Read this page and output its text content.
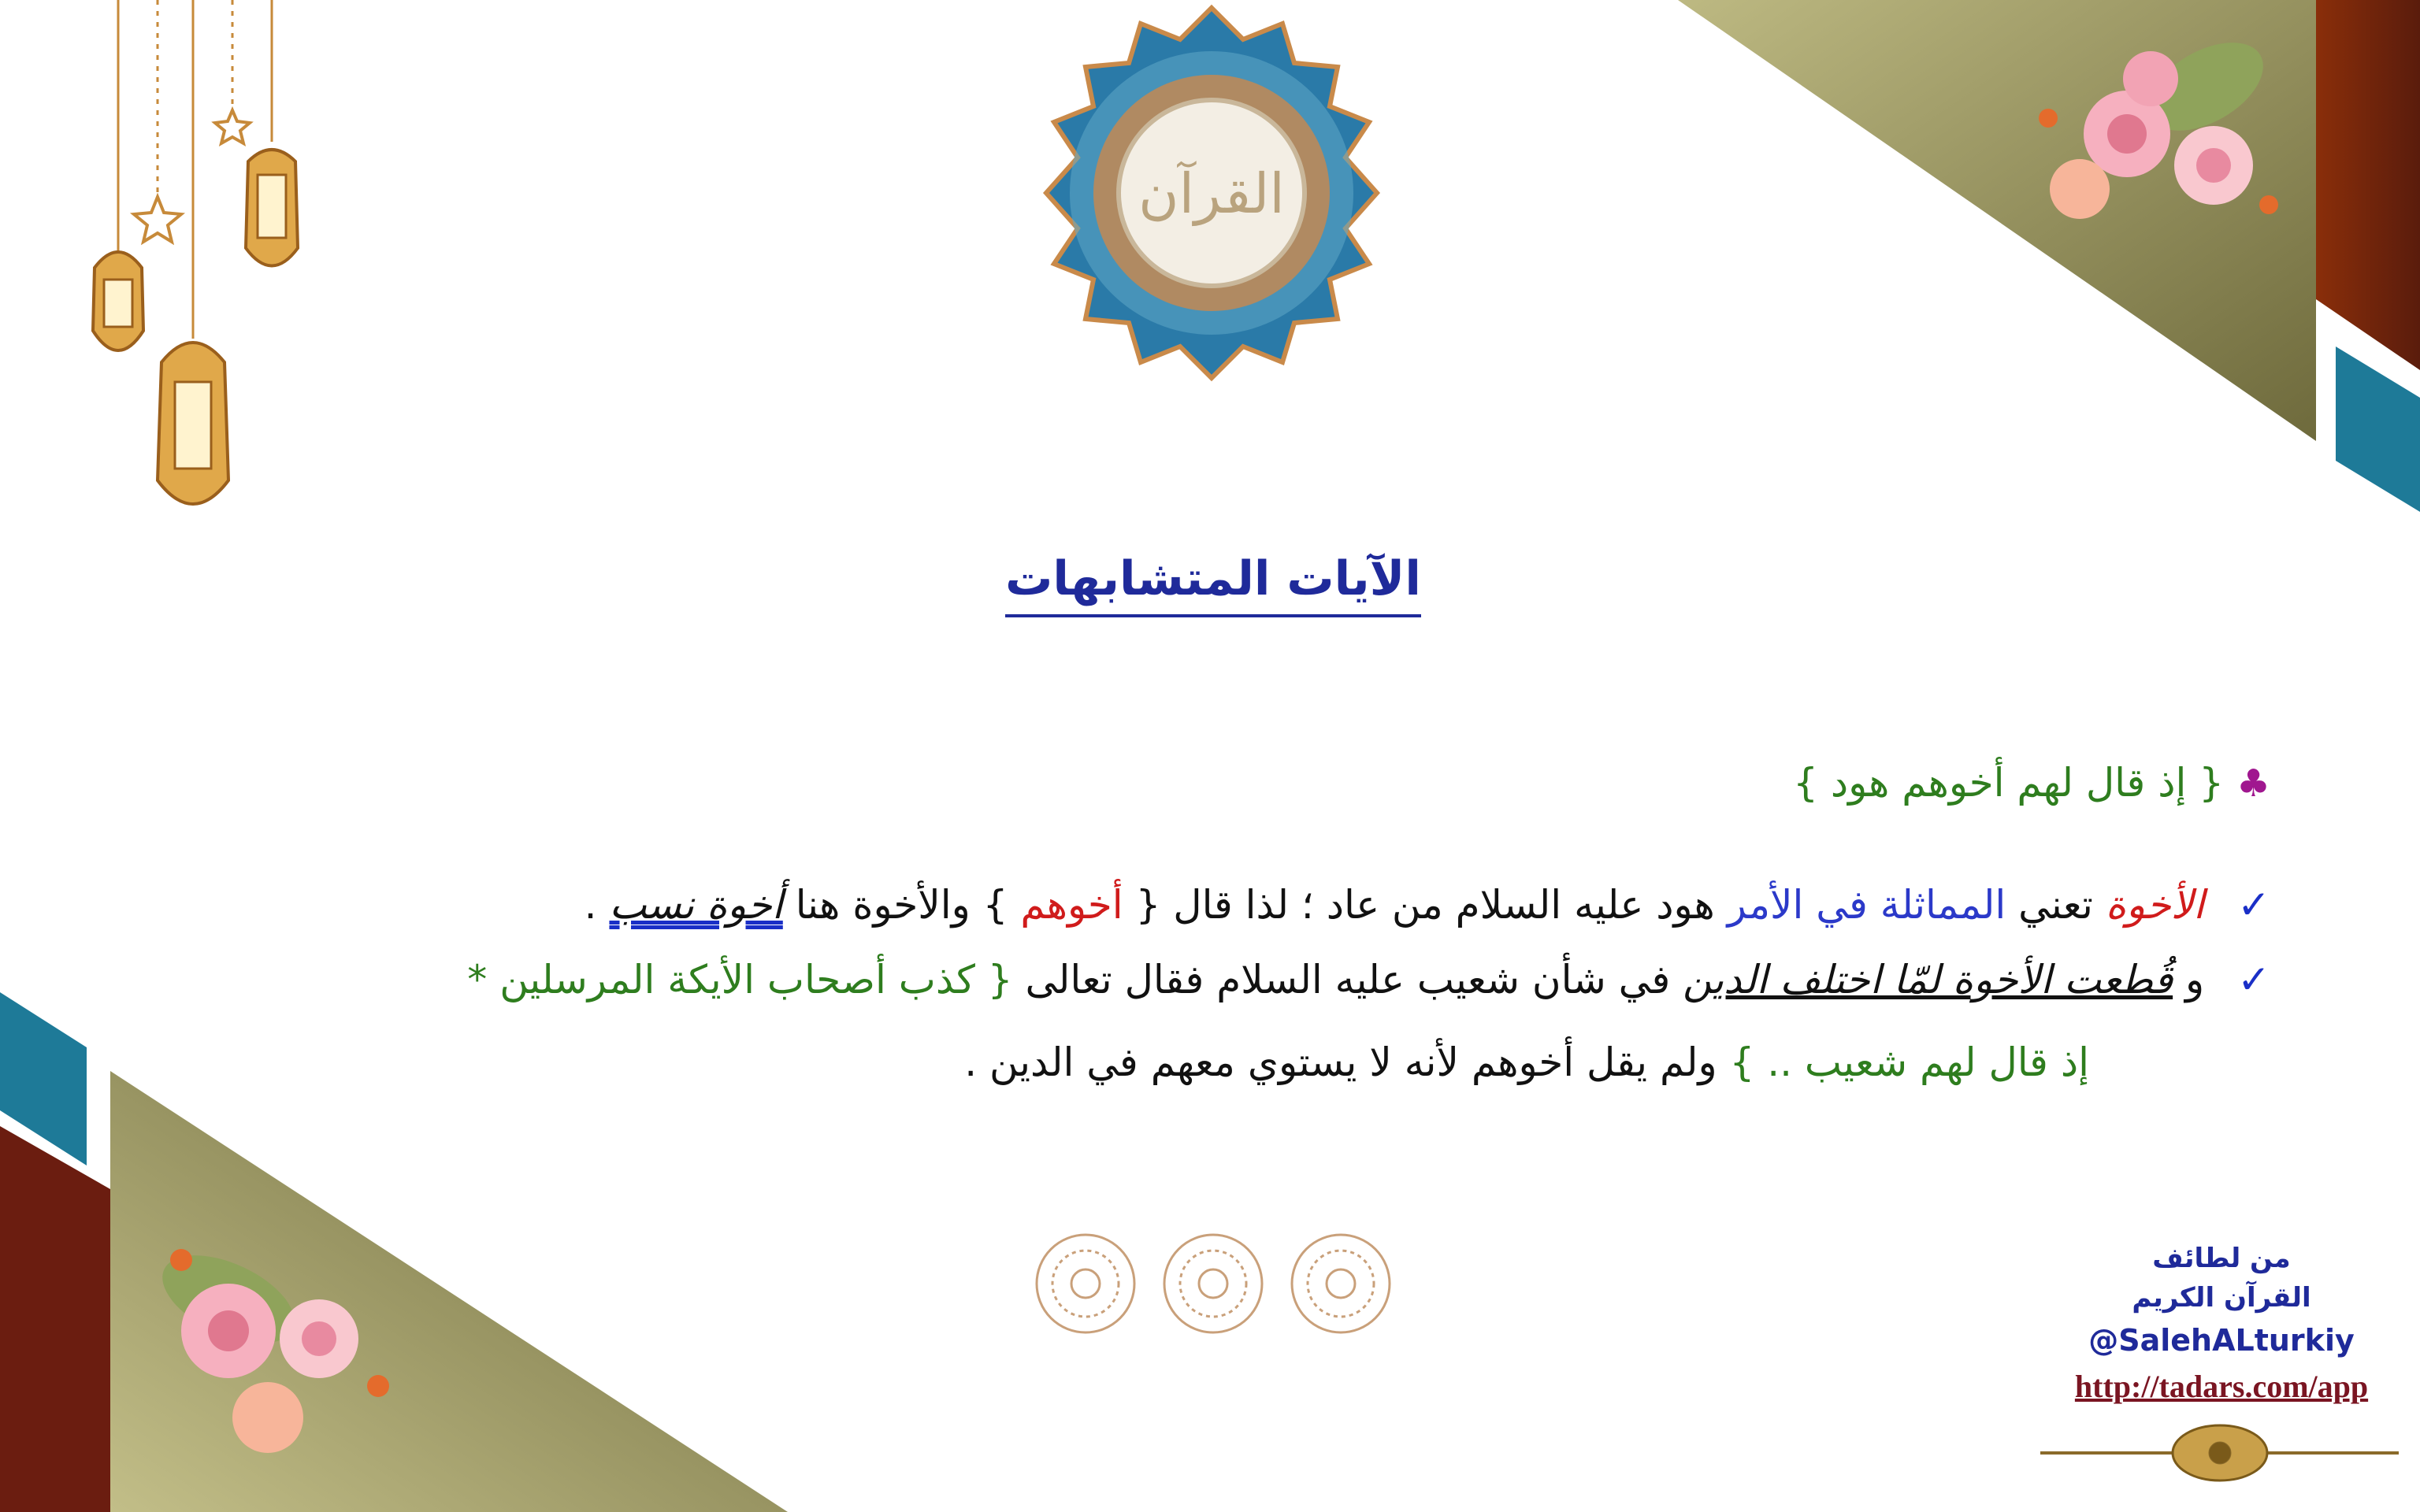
القرآن
الآيات المتشابهات
♣ { إذ قال لهم أخوهم هود }
✓ الأخوة تعني المماثلة في الأمر هود عليه السلام من عاد ؛ لذا قال { أخوهم } والأخوة هنا أخوة نسب .
✓ و قُطعت الأخوة لمّا اختلف الدين في شأن شعيب عليه السلام فقال تعالى { كذب أصحاب الأيكة المرسلين *
إذ قال لهم شعيب .. } ولم يقل أخوهم لأنه لا يستوي معهم في الدين .
من لطائف
القرآن الكريم
@SalehALturkiy
http://tadars.com/app
